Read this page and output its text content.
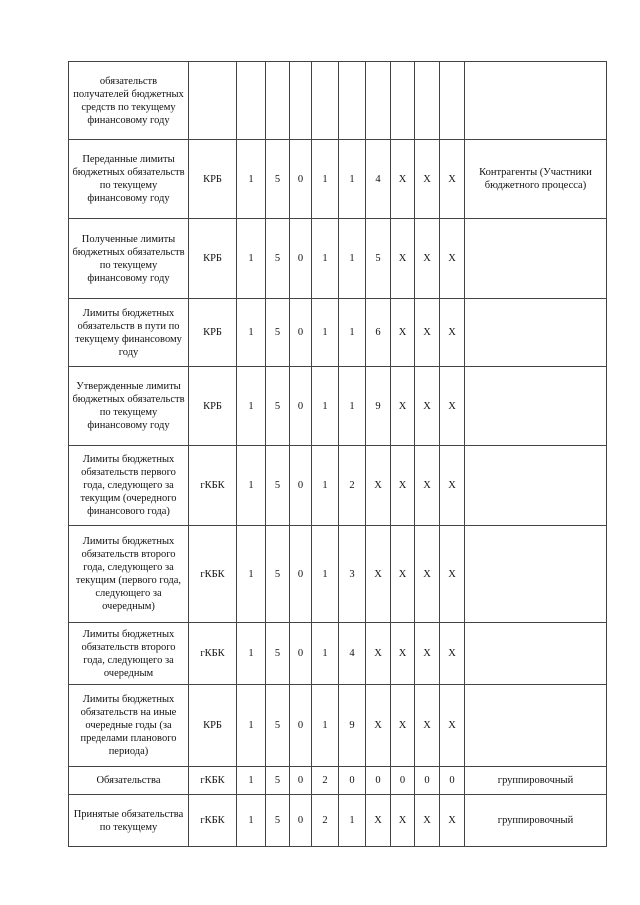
обязательств получателей бюджетных средств по текущему финансовому году											
Переданные лимиты бюджетных обязательств по текущему финансовому году	КРБ	1	5	0	1	1	4	X	X	X	Контрагенты (Участники бюджетного процесса)
Полученные лимиты бюджетных обязательств по текущему финансовому году	КРБ	1	5	0	1	1	5	X	X	X	
Лимиты бюджетных обязательств в пути по текущему финансовому году	КРБ	1	5	0	1	1	6	X	X	X	
Утвержденные лимиты бюджетных обязательств по текущему финансовому году	КРБ	1	5	0	1	1	9	X	X	X	
Лимиты бюджетных обязательств первого года, следующего за текущим (очередного финансового года)	гКБК	1	5	0	1	2	X	X	X	X	
Лимиты бюджетных обязательств второго года, следующего за текущим (первого года, следующего за очередным)	гКБК	1	5	0	1	3	X	X	X	X	
Лимиты бюджетных обязательств второго года, следующего за очередным	гКБК	1	5	0	1	4	X	X	X	X	
Лимиты бюджетных обязательств на иные очередные годы (за пределами планового периода)	КРБ	1	5	0	1	9	X	X	X	X	
Обязательства	гКБК	1	5	0	2	0	0	0	0	0	группировочный
Принятые обязательства по текущему	гКБК	1	5	0	2	1	X	X	X	X	группировочный
